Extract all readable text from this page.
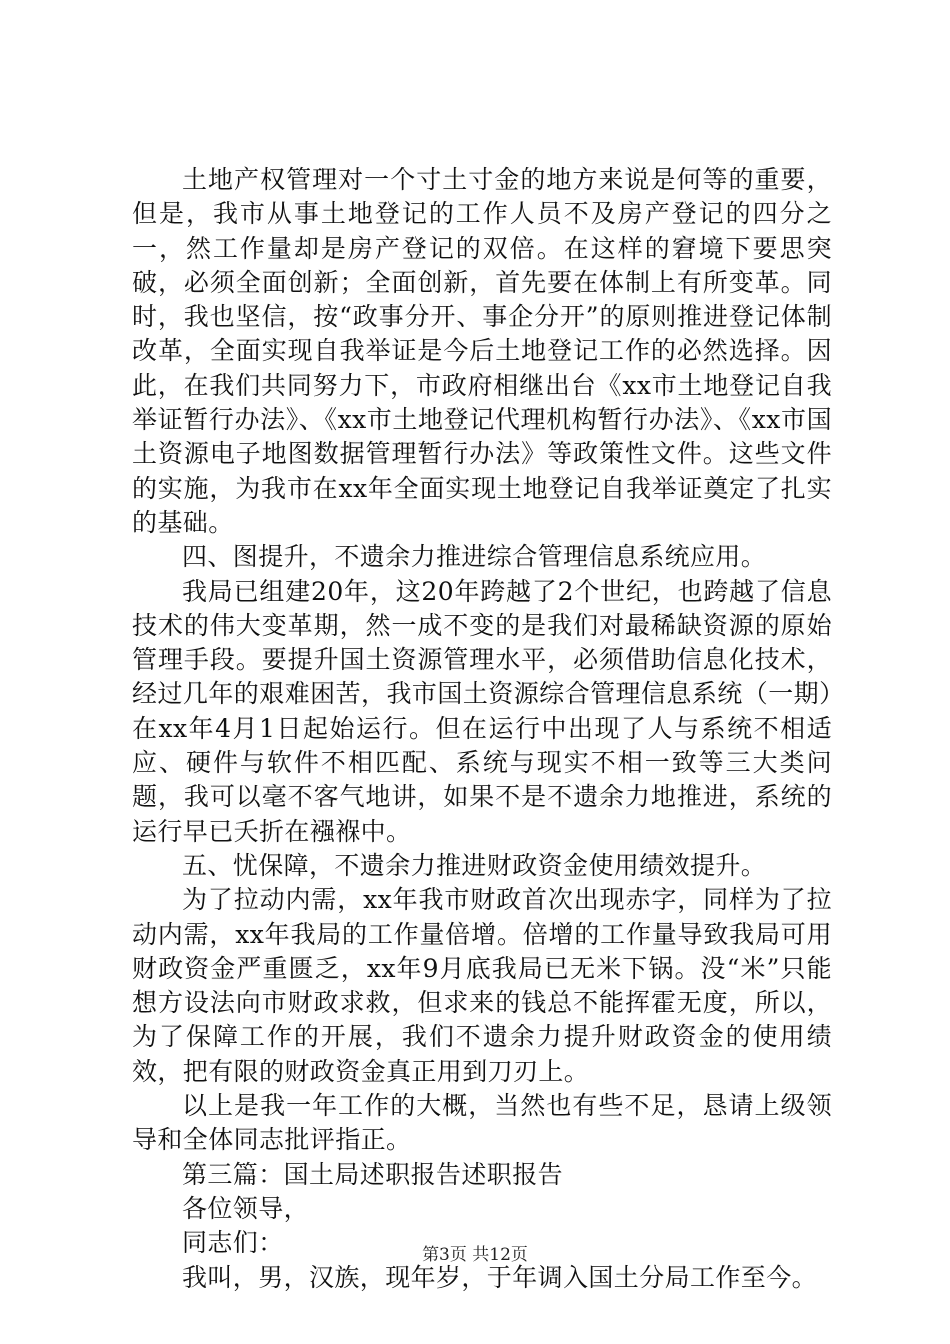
土地产权管理对一个寸土寸金的地方来说是何等的重要，但是，我市从事土地登记的工作人员不及房产登记的四分之一，然工作量却是房产登记的双倍。在这样的窘境下要思突破，必须全面创新；全面创新，首先要在体制上有所变革。同时，我也坚信，按“政事分开、事企分开”的原则推进登记体制改革，全面实现自我举证是今后土地登记工作的必然选择。因此，在我们共同努力下，市政府相继出台《xx市土地登记自我举证暂行办法》、《xx市土地登记代理机构暂行办法》、《xx市国土资源电子地图数据管理暂行办法》等政策性文件。这些文件的实施，为我市在xx年全面实现土地登记自我举证奠定了扎实的基础。

四、图提升，不遗余力推进综合管理信息系统应用。

我局已组建20年，这20年跨越了2个世纪，也跨越了信息技术的伟大变革期，然一成不变的是我们对最稀缺资源的原始管理手段。要提升国土资源管理水平，必须借助信息化技术，经过几年的艰难困苦，我市国土资源综合管理信息系统（一期）在xx年4月1日起始运行。但在运行中出现了人与系统不相适应、硬件与软件不相匹配、系统与现实不相一致等三大类问题，我可以毫不客气地讲，如果不是不遗余力地推进，系统的运行早已夭折在襁褓中。

五、忧保障，不遗余力推进财政资金使用绩效提升。

为了拉动内需，xx年我市财政首次出现赤字，同样为了拉动内需，xx年我局的工作量倍增。倍增的工作量导致我局可用财政资金严重匮乏，xx年9月底我局已无米下锅。没“米”只能想方设法向市财政求救，但求来的钱总不能挥霍无度，所以，为了保障工作的开展，我们不遗余力提升财政资金的使用绩效，把有限的财政资金真正用到刀刃上。

以上是我一年工作的大概，当然也有些不足，恳请上级领导和全体同志批评指正。

第三篇：国土局述职报告述职报告

各位领导，

同志们：

我叫，男，汉族，现年岁，于年调入国土分局工作至今。

第3页 共12页
